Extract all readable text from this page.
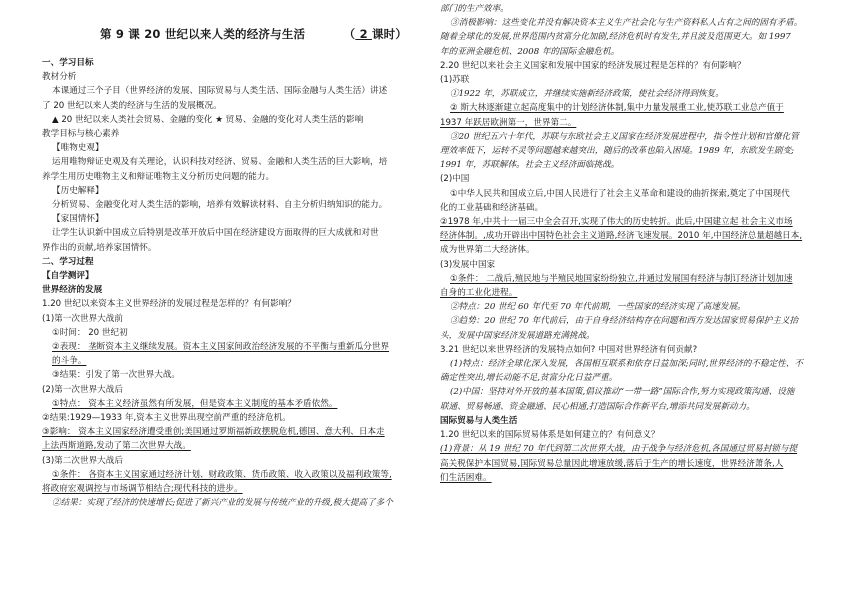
第 9 课 20 世纪以来人类的经济与生活	（ 2 课时）
一、学习目标
教材分析
本课通过三个子目（世界经济的发展、国际贸易与人类生活、国际金融与人类生活）讲述
了 20 世纪以来人类的经济与生活的发展概况。
▲ 20 世纪以来人类社会贸易、金融的变化 ★ 贸易、金融的变化对人类生活的影响
教学目标与核心素养
【唯物史观】
运用唯物辩证史观及有关理论，认识科技对经济、贸易、金融和人类生活的巨大影响，培
养学生用历史唯物主义和辩证唯物主义分析历史问题的能力。
【历史解释】
分析贸易、金融变化对人类生活的影响，培养有效解读材料、自主分析归纳知识的能力。
【家国情怀】
让学生认识新中国成立后特别是改革开放后中国在经济建设方面取得的巨大成就和对世
界作出的贡献,培养家国情怀。
二、学习过程
【自学测评】
世界经济的发展
1.20 世纪以来资本主义世界经济的发展过程是怎样的？有何影响？
(1)第一次世界大战前
①时间： 20 世纪初
②表现： 垄断资本主义继续发展。资本主义国家间政治经济发展的不平衡与重新瓜分世界
的斗争。
③结果：引发了第一次世界大战。
(2)第一次世界大战后
①特点： 资本主义经济虽然有所发展，但是资本主义制度的基本矛盾依然。
②结果:1929—1933 年,资本主义世界出现空前严重的经济危机。
③影响： 资本主义国家经济遭受重创;美国通过罗斯福新政摆脱危机,德国、意大利、日本走
上法西斯道路,发动了第二次世界大战。
(3)第二次世界大战后
①条件： 各资本主义国家通过经济计划、财政政策、货币政策、收入政策以及福利政策等,
将政府宏观调控与市场调节相结合;现代科技的进步。
②结果：实现了经济的快速增长;促进了新兴产业的发展与传统产业的升级,极大提高了多个
部门的生产效率。
③消极影响：这些变化并没有解决资本主义生产社会化与生产资料私人占有之间的固有矛盾。
随着全球化的发展,世界范围内贫富分化加剧,经济危机时有发生,并且波及范围更大。如 1997
年的亚洲金融危机、2008 年的国际金融危机。
2.20 世纪以来社会主义国家和发展中国家的经济发展过程是怎样的？有何影响？
(1)苏联
①1922 年，苏联成立，并继续实施新经济政策，使社会经济得到恢复。
② 斯大林逐渐建立起高度集中的计划经济体制,集中力量发展重工业,使苏联工业总产值于
1937 年跃居欧洲第一，世界第二。
③20 世纪五六十年代，苏联与东欧社会主义国家在经济发展进程中，指令性计划和官僚化管
理效率低下，运转不灵等问题越来越突出，随后的改革也陷入困境。1989 年，东欧发生剧变;
1991 年，苏联解体。社会主义经济面临挑战。
(2)中国
①中华人民共和国成立后,中国人民进行了社会主义革命和建设的曲折探索,奠定了中国现代
化的工业基础和经济基础。
②1978 年,中共十一届三中全会召开,实现了伟大的历史转折。此后,中国建立起 社会主义市场
经济体制。,成功开辟出中国特色社会主义道路,经济飞速发展。2010 年,中国经济总量超越日本,
成为世界第二大经济体。
(3)发展中国家
①条件： 二战后,殖民地与半殖民地国家纷纷独立,并通过发展国有经济与制订经济计划加速
自身的工业化进程。
②特点：20 世纪 60 年代至 70 年代前期，一些国家的经济实现了高速发展。
③趋势：20 世纪 70 年代前后，由于自身经济结构存在问题和西方发达国家贸易保护主义抬
头，发展中国家经济发展道路充满挑战。
3.21 世纪以来世界经济的发展特点如何? 中国对世界经济有何贡献?
(1)特点：经济全球化深入发展，各国相互联系和依存日益加深;同时,世界经济的不稳定性、不
确定性突出,增长动能不足,贫富分化日益严重。
(2)中国：坚持对外开放的基本国策,倡议推动“一带一路”国际合作,努力实现政策沟通、设施
联通、贸易畅通、资金融通、民心相通,打造国际合作新平台,增添共同发展新动力。
国际贸易与人类生活
1.20 世纪以来的国际贸易体系是如何建立的？有何意义？
(1)背景：从 19 世纪 70 年代到第二次世界大战，由于战争与经济危机,各国通过贸易封锁与提
高关税保护本国贸易,国际贸易总量因此增速放缓,落后于生产的增长速度，世界经济萧条,人
们生活困难。
